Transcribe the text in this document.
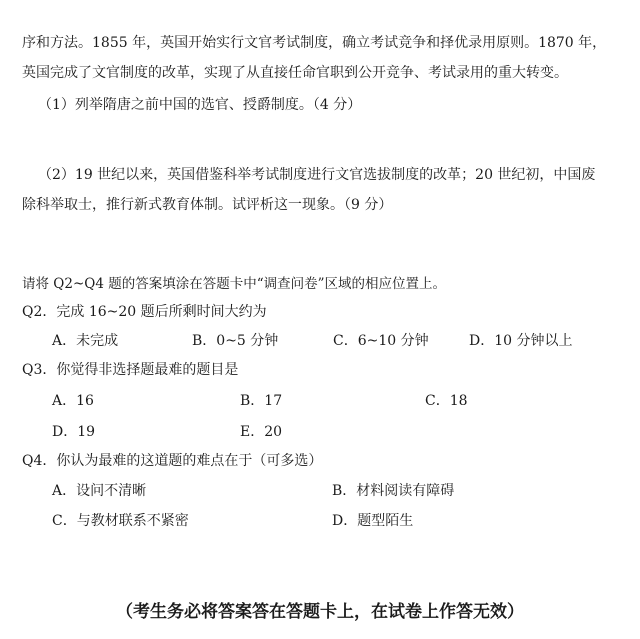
序和方法。1855 年，英国开始实行文官考试制度，确立考试竞争和择优录用原则。1870 年，
英国完成了文官制度的改革，实现了从直接任命官职到公开竞争、考试录用的重大转变。
（1）列举隋唐之前中国的选官、授爵制度。（4 分）
（2）19 世纪以来，英国借鉴科举考试制度进行文官选拔制度的改革；20 世纪初，中国废
除科举取士，推行新式教育体制。试评析这一现象。（9 分）
请将 Q2~Q4 题的答案填涂在答题卡中“调查问卷”区域的相应位置上。
Q2．完成 16~20 题后所剩时间大约为
A．未完成	B．0~5 分钟	C．6~10 分钟	D．10 分钟以上
Q3．你觉得非选择题最难的题目是
A．16	B．17	C．18
D．19	E．20
Q4．你认为最难的这道题的难点在于（可多选）
A．设问不清晰	B．材料阅读有障碍
C．与教材联系不紧密	D．题型陌生
（考生务必将答案答在答题卡上，在试卷上作答无效）
